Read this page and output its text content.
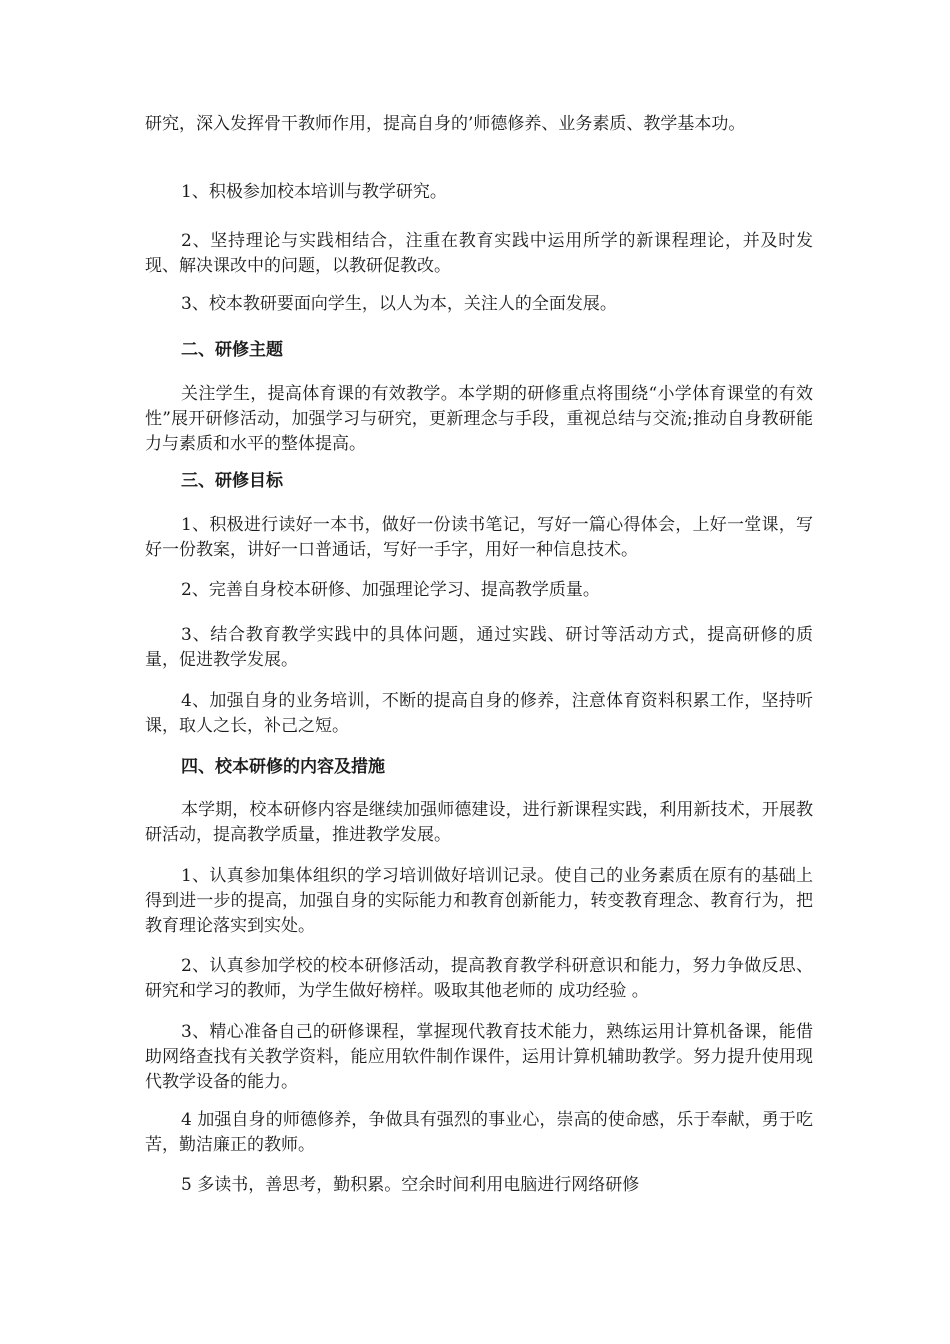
研究，深入发挥骨干教师作用，提高自身的’师德修养、业务素质、教学基本功。

1、积极参加校本培训与教学研究。

2、坚持理论与实践相结合，注重在教育实践中运用所学的新课程理论，并及时发现、解决课改中的问题，以教研促教改。

3、校本教研要面向学生，以人为本，关注人的全面发展。

二、研修主题

关注学生，提高体育课的有效教学。本学期的研修重点将围绕“小学体育课堂的有效性”展开研修活动，加强学习与研究，更新理念与手段，重视总结与交流;推动自身教研能力与素质和水平的整体提高。

三、研修目标

1、积极进行读好一本书，做好一份读书笔记，写好一篇心得体会，上好一堂课，写好一份教案，讲好一口普通话，写好一手字，用好一种信息技术。

2、完善自身校本研修、加强理论学习、提高教学质量。

3、结合教育教学实践中的具体问题，通过实践、研讨等活动方式，提高研修的质量，促进教学发展。

4、加强自身的业务培训，不断的提高自身的修养，注意体育资料积累工作，坚持听课，取人之长，补己之短。

四、校本研修的内容及措施

本学期，校本研修内容是继续加强师德建设，进行新课程实践，利用新技术，开展教研活动，提高教学质量，推进教学发展。

1、认真参加集体组织的学习培训做好培训记录。使自己的业务素质在原有的基础上得到进一步的提高，加强自身的实际能力和教育创新能力，转变教育理念、教育行为，把教育理论落实到实处。

2、认真参加学校的校本研修活动，提高教育教学科研意识和能力，努力争做反思、研究和学习的教师，为学生做好榜样。吸取其他老师的 成功经验 。

3、精心准备自己的研修课程，掌握现代教育技术能力，熟练运用计算机备课，能借助网络查找有关教学资料，能应用软件制作课件，运用计算机辅助教学。努力提升使用现代教学设备的能力。

4 加强自身的师德修养，争做具有强烈的事业心，崇高的使命感，乐于奉献，勇于吃苦，勤洁廉正的教师。

5 多读书，善思考，勤积累。空余时间利用电脑进行网络研修
